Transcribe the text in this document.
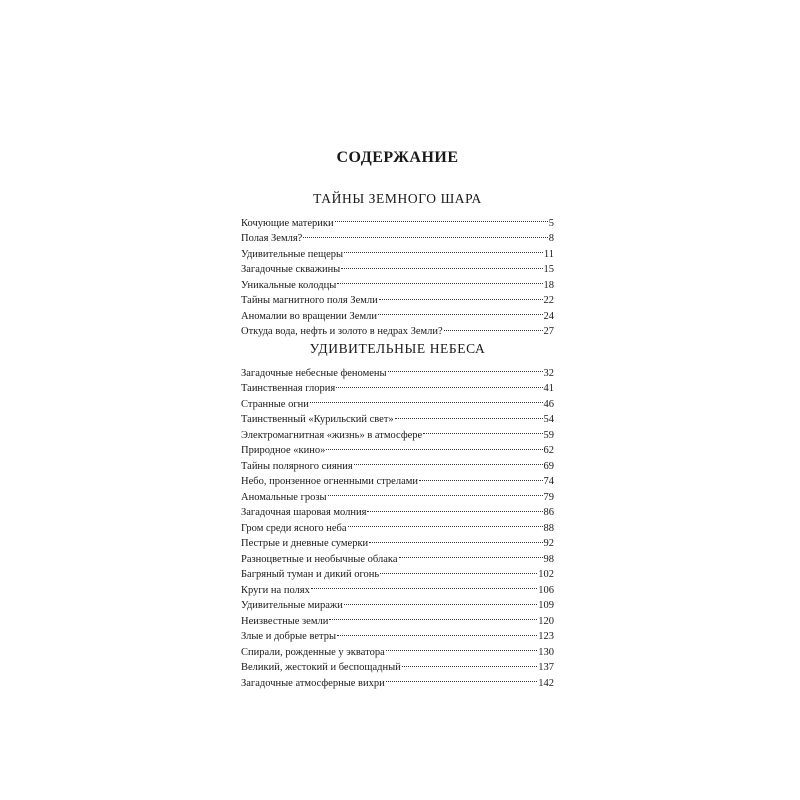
СОДЕРЖАНИЕ
ТАЙНЫ ЗЕМНОГО ШАРА
Кочующие материки	5
Полая Земля?	8
Удивительные пещеры	11
Загадочные скважины	15
Уникальные колодцы	18
Тайны магнитного поля Земли	22
Аномалии во вращении Земли	24
Откуда вода, нефть и золото в недрах Земли?	27
УДИВИТЕЛЬНЫЕ НЕБЕСА
Загадочные небесные феномены	32
Таинственная глория	41
Странные огни	46
Таинственный «Курильский свет»	54
Электромагнитная «жизнь» в атмосфере	59
Природное «кино»	62
Тайны полярного сияния	69
Небо, пронзенное огненными стрелами	74
Аномальные грозы	79
Загадочная шаровая молния	86
Гром среди ясного неба	88
Пестрые и дневные сумерки	92
Разноцветные и необычные облака	98
Багряный туман и дикий огонь	102
Круги на полях	106
Удивительные миражи	109
Неизвестные земли	120
Злые и добрые ветры	123
Спирали, рожденные у экватора	130
Великий, жестокий и беспощадный	137
Загадочные атмосферные вихри	142
